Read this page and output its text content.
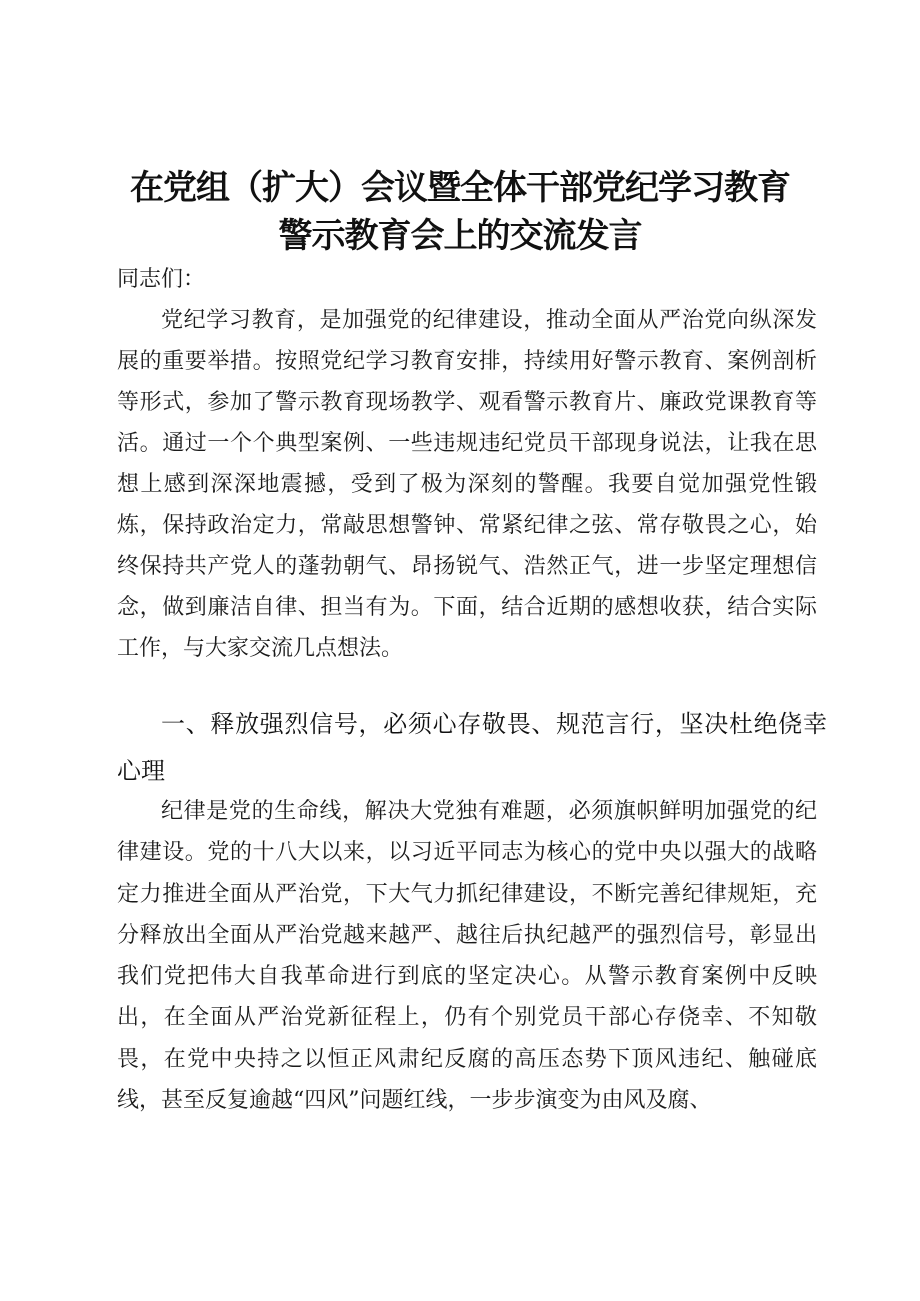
在党组（扩大）会议暨全体干部党纪学习教育
警示教育会上的交流发言

同志们：

党纪学习教育，是加强党的纪律建设，推动全面从严治党向纵深发展的重要举措。按照党纪学习教育安排，持续用好警示教育、案例剖析等形式，参加了警示教育现场教学、观看警示教育片、廉政党课教育等活。通过一个个典型案例、一些违规违纪党员干部现身说法，让我在思想上感到深深地震撼，受到了极为深刻的警醒。我要自觉加强党性锻炼，保持政治定力，常敲思想警钟、常紧纪律之弦、常存敬畏之心，始终保持共产党人的蓬勃朝气、昂扬锐气、浩然正气，进一步坚定理想信念，做到廉洁自律、担当有为。下面，结合近期的感想收获，结合实际工作，与大家交流几点想法。

一、释放强烈信号，必须心存敬畏、规范言行，坚决杜绝侥幸心理

纪律是党的生命线，解决大党独有难题，必须旗帜鲜明加强党的纪律建设。党的十八大以来，以习近平同志为核心的党中央以强大的战略定力推进全面从严治党，下大气力抓纪律建设，不断完善纪律规矩，充分释放出全面从严治党越来越严、越往后执纪越严的强烈信号，彰显出我们党把伟大自我革命进行到底的坚定决心。从警示教育案例中反映出，在全面从严治党新征程上，仍有个别党员干部心存侥幸、不知敬畏，在党中央持之以恒正风肃纪反腐的高压态势下顶风违纪、触碰底线，甚至反复逾越“四风”问题红线，一步步演变为由风及腐、
